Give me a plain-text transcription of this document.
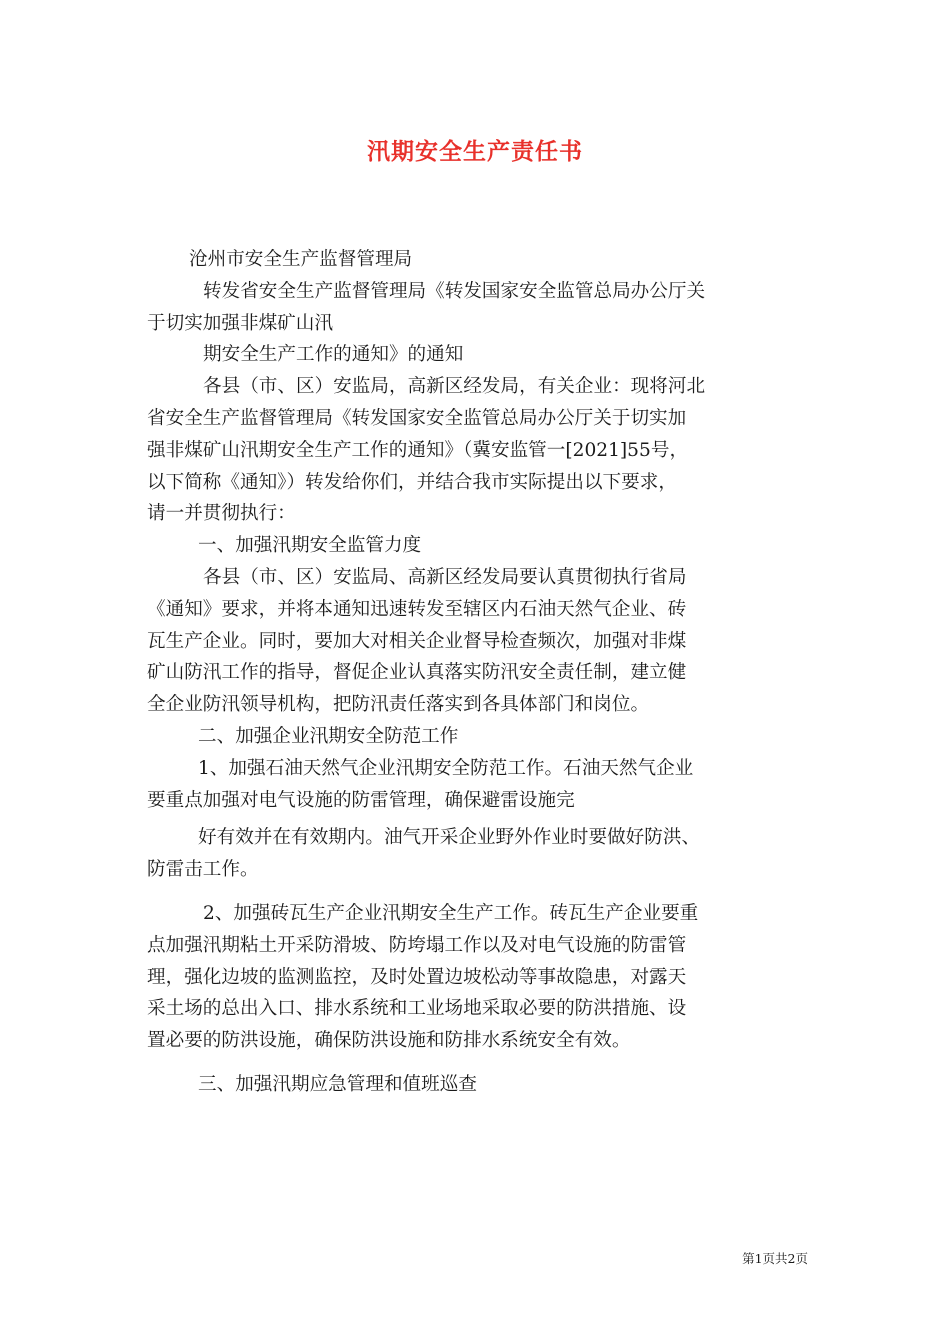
汛期安全生产责任书
沧州市安全生产监督管理局
转发省安全生产监督管理局《转发国家安全监管总局办公厅关
于切实加强非煤矿山汛
期安全生产工作的通知》的通知
各县（市、区）安监局，高新区经发局，有关企业：现将河北
省安全生产监督管理局《转发国家安全监管总局办公厅关于切实加
强非煤矿山汛期安全生产工作的通知》（冀安监管一[2021]55号，
以下简称《通知》）转发给你们，并结合我市实际提出以下要求，
请一并贯彻执行：
一、加强汛期安全监管力度
各县（市、区）安监局、高新区经发局要认真贯彻执行省局
《通知》要求，并将本通知迅速转发至辖区内石油天然气企业、砖
瓦生产企业。同时，要加大对相关企业督导检查频次，加强对非煤
矿山防汛工作的指导，督促企业认真落实防汛安全责任制，建立健
全企业防汛领导机构，把防汛责任落实到各具体部门和岗位。
二、加强企业汛期安全防范工作
1、加强石油天然气企业汛期安全防范工作。石油天然气企业
要重点加强对电气设施的防雷管理，确保避雷设施完
好有效并在有效期内。油气开采企业野外作业时要做好防洪、
防雷击工作。
2、加强砖瓦生产企业汛期安全生产工作。砖瓦生产企业要重
点加强汛期粘土开采防滑坡、防垮塌工作以及对电气设施的防雷管
理，强化边坡的监测监控，及时处置边坡松动等事故隐患，对露天
采土场的总出入口、排水系统和工业场地采取必要的防洪措施、设
置必要的防洪设施，确保防洪设施和防排水系统安全有效。
三、加强汛期应急管理和值班巡查
第1页共2页
